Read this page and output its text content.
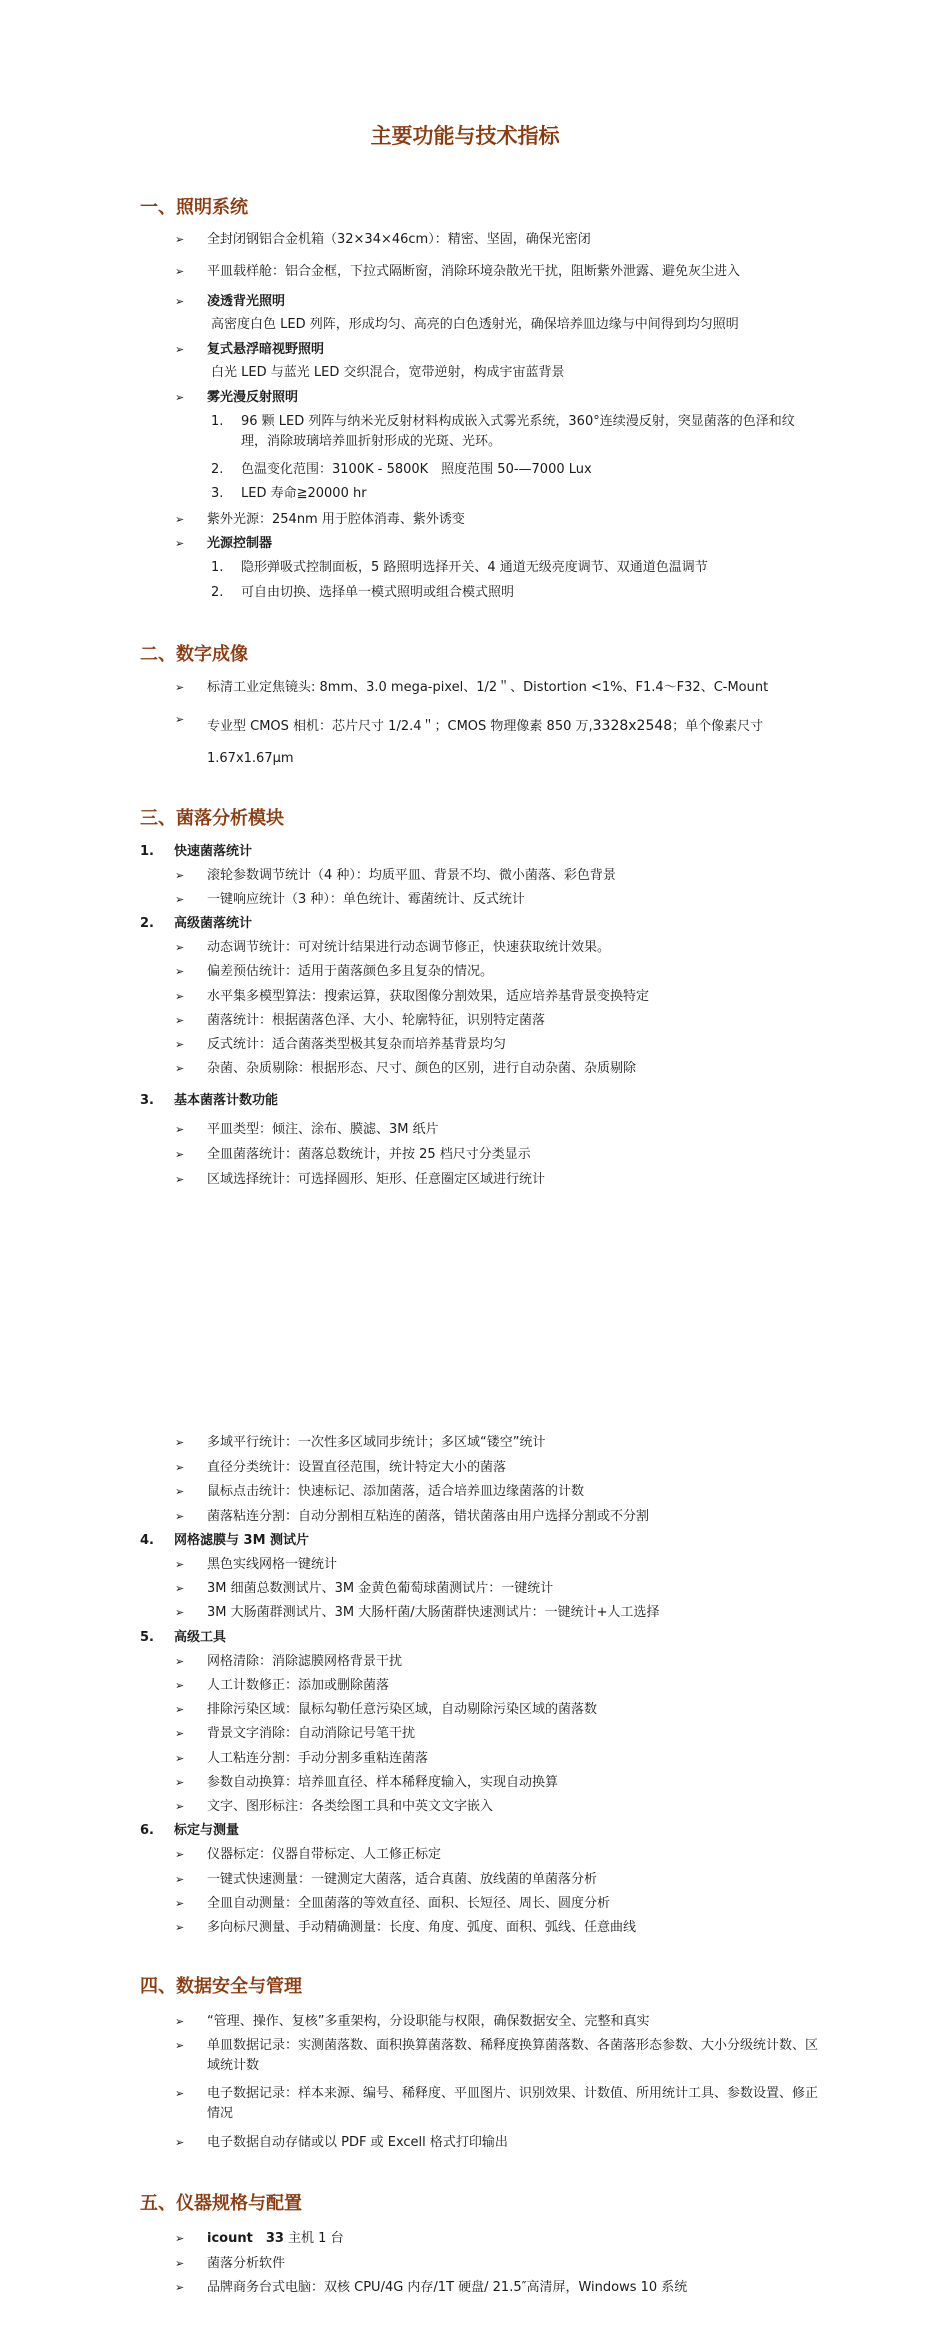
主要功能与技术指标
一、照明系统
➢ 全封闭钢铝合金机箱（32×34×46cm）：精密、坚固，确保光密闭
➢ 平皿载样舱：铝合金框，下拉式隔断窗，消除环境杂散光干扰，阻断紫外泄露、避免灰尘进入
➢ 凌透背光照明
高密度白色 LED 列阵，形成均匀、高亮的白色透射光，确保培养皿边缘与中间得到均匀照明
➢ 复式悬浮暗视野照明
白光 LED 与蓝光 LED 交织混合，宽带逆射，构成宇宙蓝背景
➢ 雾光漫反射照明
1. 96 颗 LED 列阵与纳米光反射材料构成嵌入式雾光系统，360°连续漫反射，突显菌落的色泽和纹理，消除玻璃培养皿折射形成的光斑、光环。
2. 色温变化范围：3100K - 5800K　照度范围 50-—7000 Lux
3. LED 寿命≧20000 hr
➢ 紫外光源：254nm 用于腔体消毒、紫外诱变
➢ 光源控制器
1. 隐形弹吸式控制面板，5 路照明选择开关、4 通道无级亮度调节、双通道色温调节
2. 可自由切换、选择单一模式照明或组合模式照明
二、数字成像
➢ 标清工业定焦镜头: 8mm、3.0 mega-pixel、1/2＂、Distortion <1%、F1.4～F32、C-Mount
➢ 专业型 CMOS 相机：芯片尺寸 1/2.4＂；CMOS 物理像素 850 万,3328x2548；单个像素尺寸 1.67x1.67μm
三、菌落分析模块
1. 快速菌落统计
➢ 滚轮参数调节统计（4 种）：均质平皿、背景不均、微小菌落、彩色背景
➢ 一键响应统计（3 种）：单色统计、霉菌统计、反式统计
2. 高级菌落统计
➢ 动态调节统计：可对统计结果进行动态调节修正，快速获取统计效果。
➢ 偏差预估统计：适用于菌落颜色多且复杂的情况。
➢ 水平集多模型算法：搜索运算，获取图像分割效果，适应培养基背景变换特定
➢ 菌落统计：根据菌落色泽、大小、轮廓特征，识别特定菌落
➢ 反式统计：适合菌落类型极其复杂而培养基背景均匀
➢ 杂菌、杂质剔除：根据形态、尺寸、颜色的区别，进行自动杂菌、杂质剔除
3. 基本菌落计数功能
➢ 平皿类型：倾注、涂布、膜滤、3M 纸片
➢ 全皿菌落统计：菌落总数统计，并按 25 档尺寸分类显示
➢ 区域选择统计：可选择圆形、矩形、任意圈定区域进行统计
➢ 多域平行统计：一次性多区域同步统计；多区域“镂空”统计
➢ 直径分类统计：设置直径范围，统计特定大小的菌落
➢ 鼠标点击统计：快速标记、添加菌落，适合培养皿边缘菌落的计数
➢ 菌落粘连分割：自动分割相互粘连的菌落，错状菌落由用户选择分割或不分割
4. 网格滤膜与 3M 测试片
➢ 黑色实线网格一键统计
➢ 3M 细菌总数测试片、3M 金黄色葡萄球菌测试片：一键统计
➢ 3M 大肠菌群测试片、3M 大肠杆菌/大肠菌群快速测试片：一键统计+人工选择
5. 高级工具
➢ 网格清除：消除滤膜网格背景干扰
➢ 人工计数修正：添加或删除菌落
➢ 排除污染区域：鼠标勾勒任意污染区域，自动剔除污染区域的菌落数
➢ 背景文字消除：自动消除记号笔干扰
➢ 人工粘连分割：手动分割多重粘连菌落
➢ 参数自动换算：培养皿直径、样本稀释度输入，实现自动换算
➢ 文字、图形标注：各类绘图工具和中英文文字嵌入
6. 标定与测量
➢ 仪器标定：仪器自带标定、人工修正标定
➢ 一键式快速测量：一键测定大菌落，适合真菌、放线菌的单菌落分析
➢ 全皿自动测量：全皿菌落的等效直径、面积、长短径、周长、圆度分析
➢ 多向标尺测量、手动精确测量：长度、角度、弧度、面积、弧线、任意曲线
四、数据安全与管理
➢ “管理、操作、复核”多重架构，分设职能与权限，确保数据安全、完整和真实
➢ 单皿数据记录：实测菌落数、面积换算菌落数、稀释度换算菌落数、各菌落形态参数、大小分级统计数、区域统计数
➢ 电子数据记录：样本来源、编号、稀释度、平皿图片、识别效果、计数值、所用统计工具、参数设置、修正情况
➢ 电子数据自动存储或以 PDF 或 Excell 格式打印输出
五、仪器规格与配置
➢ icount　33 主机 1 台
➢ 菌落分析软件
➢ 品牌商务台式电脑：双核 CPU/4G 内存/1T 硬盘/ 21.5″高清屏，Windows 10 系统
